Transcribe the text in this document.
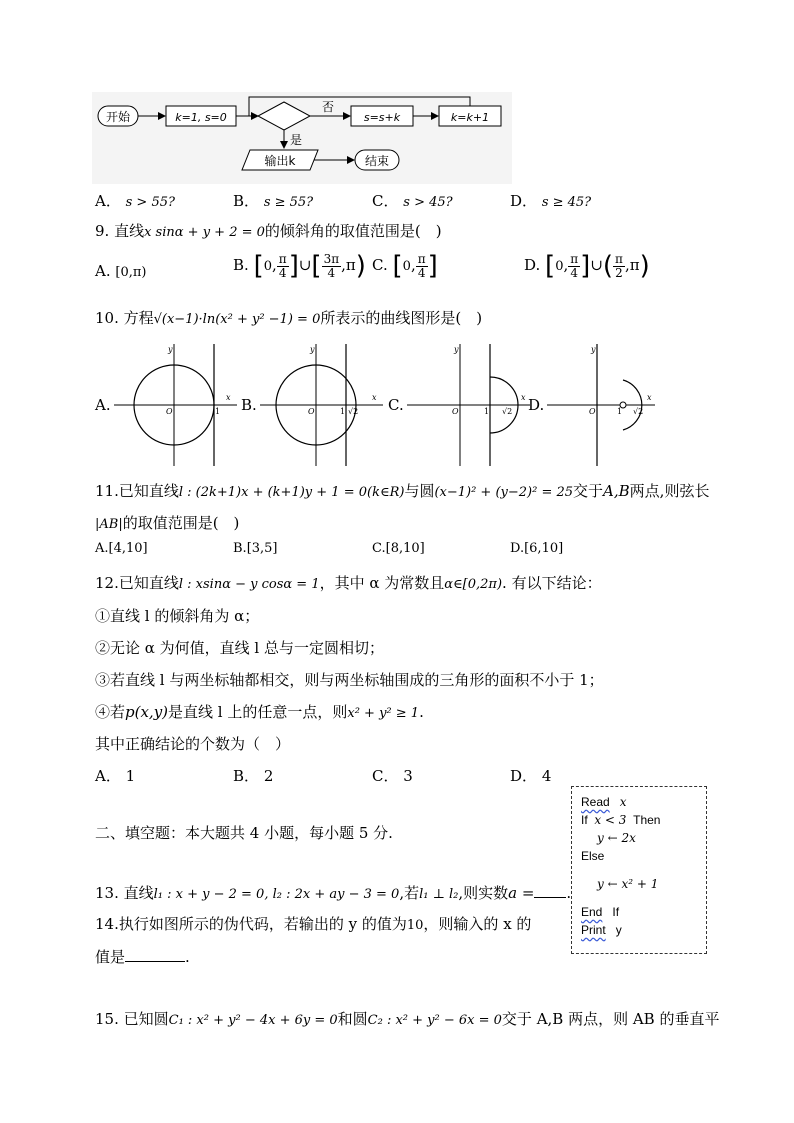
开始	k=1, s=0
否
s=s+k	k=k+1
是
输出k	结束
A． s > 55?	B． s ≥ 55?	C． s > 45?	D． s ≥ 45?
9. 直线x sinα + y + 2 = 0的倾斜角的取值范围是(　)
A. [0,π)	B. [0, $\frac{\pi}{4}$ ]∪[ $\frac{3\pi}{4} ,\pi$) C. [0, $\frac{\pi}{4}$ ]	D. [0, $\frac{\pi}{4}$ ]∪( $\frac{\pi}{2} ,\pi$)
10. 方程√(x−1)·ln(x² + y² −1) = 0所表示的曲线图形是(　)
A.
y
x
O	1 B.
y
x
O	1 √2 C.
y
x
O	1 √2 D.
y
x
O	1 √2
11.已知直线l : (2k+1)x + (k+1)y + 1 = 0(k∈R)与圆(x−1)² + (y−2)² = 25交于A,B两点,则弦长
|AB|的取值范围是(　)
A.[4,10]	B.[3,5]	C.[8,10]	D.[6,10]
12.已知直线l : xsinα − y cosα = 1，其中 α 为常数且α∈[0,2π). 有以下结论：
①直线 l 的倾斜角为 α；
②无论 α 为何值，直线 l 总与一定圆相切；
③若直线 l 与两坐标轴都相交，则与两坐标轴围成的三角形的面积不小于 1；
④若p(x,y)是直线 l 上的任意一点，则x² + y² ≥ 1.
其中正确结论的个数为（　）
A． 1	B． 2	C． 3	D． 4
二、填空题：本大题共 4 小题，每小题 5 分.
Read x
If x < 3 Then
y ← 2x
Else
y ← x² + 1
End If
Print y
13. 直线l₁ : x + y − 2 = 0, l₂ : 2x + ay − 3 = 0,若l₁ ⊥ l₂,则实数a = .
14.执行如图所示的伪代码，若输出的 y 的值为10，则输入的 x 的
值是	.
15. 已知圆C₁ : x² + y² − 4x + 6y = 0和圆C₂ : x² + y² − 6x = 0交于 A,B 两点，则 AB 的垂直平
